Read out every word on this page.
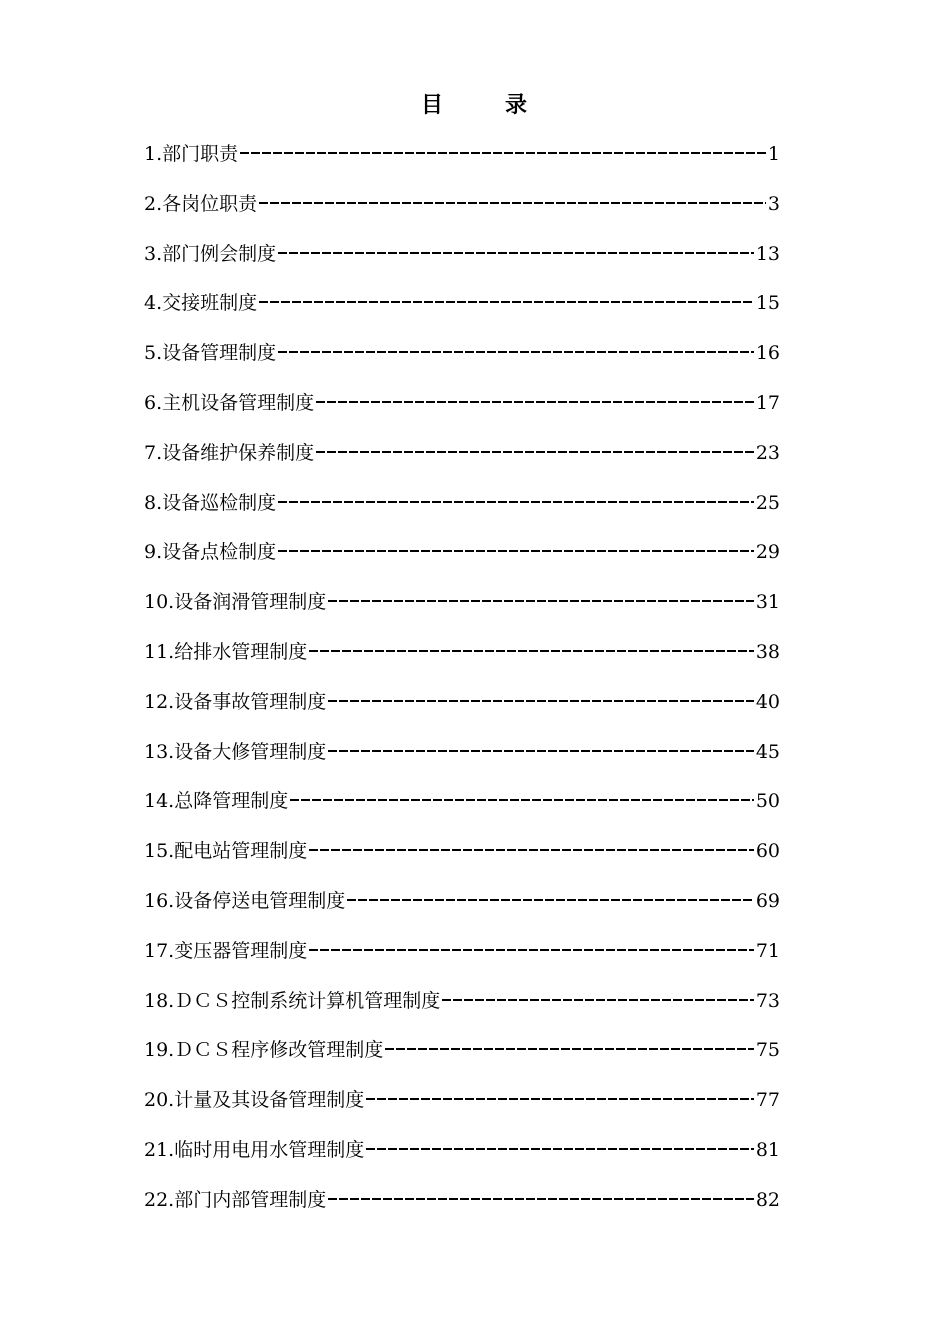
目	录
1.部门职责	1
2.各岗位职责	3
3.部门例会制度	13
4.交接班制度	15
5.设备管理制度	16
6.主机设备管理制度	17
7.设备维护保养制度	23
8.设备巡检制度	25
9.设备点检制度	29
10.设备润滑管理制度	31
11.给排水管理制度	38
12.设备事故管理制度	40
13.设备大修管理制度	45
14.总降管理制度	50
15.配电站管理制度	60
16.设备停送电管理制度	69
17.变压器管理制度	71
18.ＤＣＳ控制系统计算机管理制度	73
19.ＤＣＳ程序修改管理制度	75
20.计量及其设备管理制度	77
21.临时用电用水管理制度	81
22.部门内部管理制度	82
